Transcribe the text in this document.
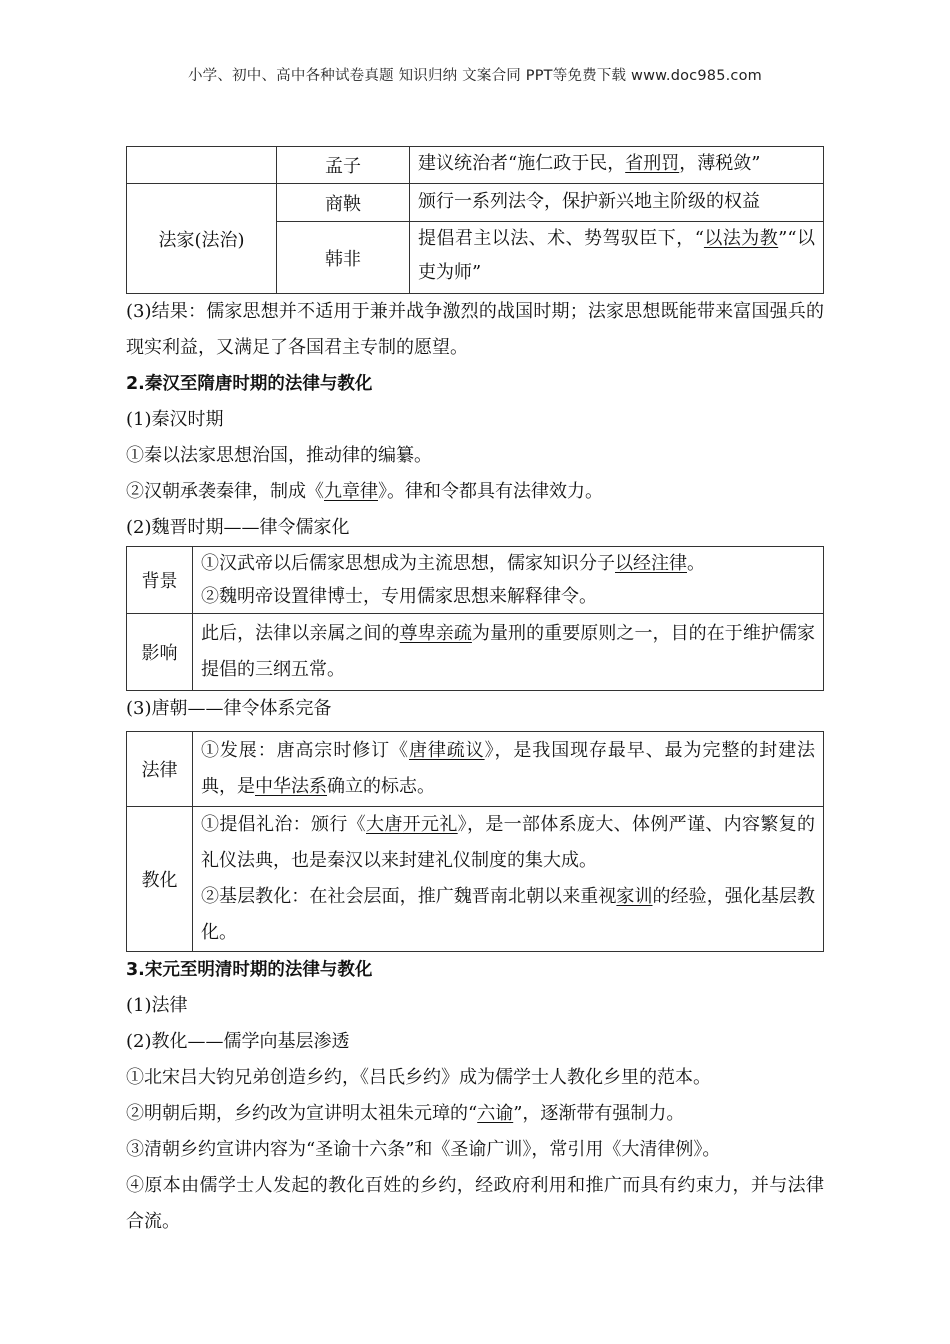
小学、初中、高中各种试卷真题 知识归纳 文案合同 PPT等免费下载 www.doc985.com
	孟子	建议统治者“施仁政于民，省刑罚，薄税敛”

法家(法治)	商鞅	颁行一系列法令，保护新兴地主阶级的权益

	韩非	提倡君主以法、术、势驾驭臣下，“以法为教”“以吏为师”
(3)结果：儒家思想并不适用于兼并战争激烈的战国时期；法家思想既能带来富国强兵的现实利益，又满足了各国君主专制的愿望。
2.秦汉至隋唐时期的法律与教化
(1)秦汉时期
①秦以法家思想治国，推动律的编纂。
②汉朝承袭秦律，制成《九章律》。律和令都具有法律效力。
(2)魏晋时期——律令儒家化
背景	①汉武帝以后儒家思想成为主流思想，儒家知识分子以经注律。
②魏明帝设置律博士，专用儒家思想来解释律令。

影响	此后，法律以亲属之间的尊卑亲疏为量刑的重要原则之一，目的在于维护儒家提倡的三纲五常。
(3)唐朝——律令体系完备
法律	①发展：唐高宗时修订《唐律疏议》，是我国现存最早、最为完整的封建法典，是中华法系确立的标志。

教化	①提倡礼治：颁行《大唐开元礼》，是一部体系庞大、体例严谨、内容繁复的礼仪法典，也是秦汉以来封建礼仪制度的集大成。
②基层教化：在社会层面，推广魏晋南北朝以来重视家训的经验，强化基层教化。
3.宋元至明清时期的法律与教化
(1)法律
(2)教化——儒学向基层渗透
①北宋吕大钧兄弟创造乡约，《吕氏乡约》成为儒学士人教化乡里的范本。
②明朝后期，乡约改为宣讲明太祖朱元璋的“六谕”，逐渐带有强制力。
③清朝乡约宣讲内容为“圣谕十六条”和《圣谕广训》，常引用《大清律例》。
④原本由儒学士人发起的教化百姓的乡约，经政府利用和推广而具有约束力，并与法律合流。
